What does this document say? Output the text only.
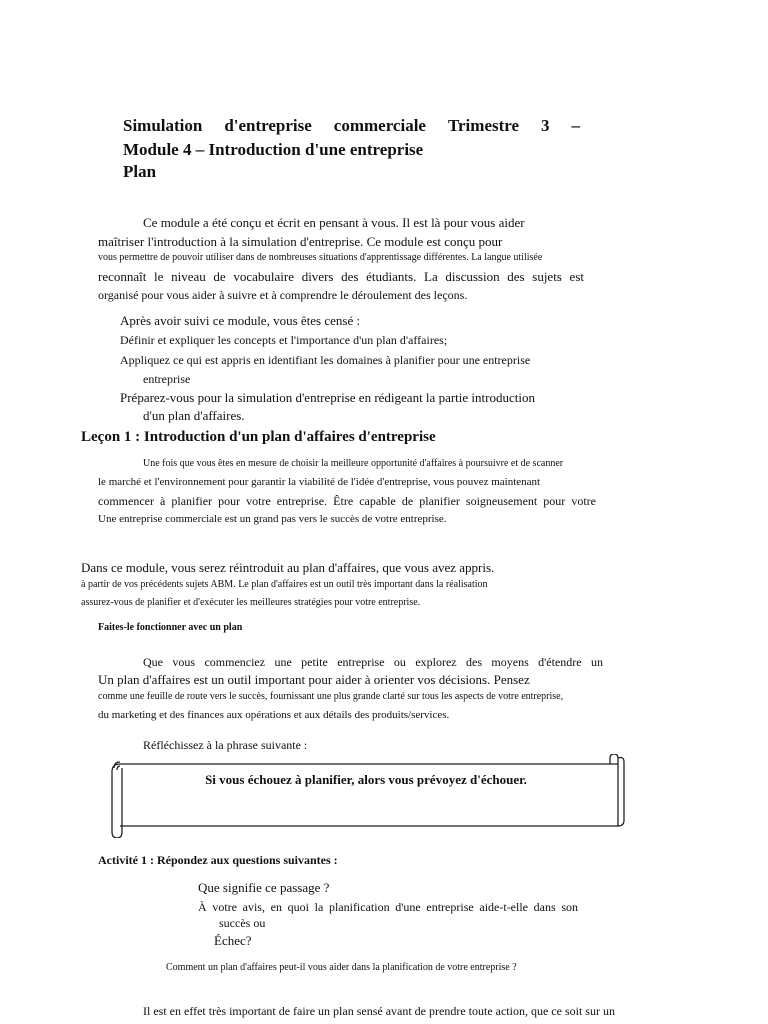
Simulation d'entreprise commerciale Trimestre 3 –
Module 4 – Introduction d'une entreprise
Plan
Ce module a été conçu et écrit en pensant à vous. Il est là pour vous aider
maîtriser l'introduction à la simulation d'entreprise. Ce module est conçu pour
vous permettre de pouvoir utiliser dans de nombreuses situations d'apprentissage différentes. La langue utilisée
reconnaît le niveau de vocabulaire divers des étudiants. La discussion des sujets est
organisé pour vous aider à suivre et à comprendre le déroulement des leçons.
Après avoir suivi ce module, vous êtes censé :
Définir et expliquer les concepts et l'importance d'un plan d'affaires;
Appliquez ce qui est appris en identifiant les domaines à planifier pour une entreprise
entreprise
Préparez-vous pour la simulation d'entreprise en rédigeant la partie introduction
d'un plan d'affaires.
Leçon 1 : Introduction d'un plan d'affaires d'entreprise
Une fois que vous êtes en mesure de choisir la meilleure opportunité d'affaires à poursuivre et de scanner
le marché et l'environnement pour garantir la viabilité de l'idée d'entreprise, vous pouvez maintenant
commencer à planifier pour votre entreprise. Être capable de planifier soigneusement pour votre
Une entreprise commerciale est un grand pas vers le succès de votre entreprise.
Dans ce module, vous serez réintroduit au plan d'affaires, que vous avez appris.
à partir de vos précédents sujets ABM. Le plan d'affaires est un outil très important dans la réalisation
assurez-vous de planifier et d'exécuter les meilleures stratégies pour votre entreprise.
Faites-le fonctionner avec un plan
Que vous commenciez une petite entreprise ou explorez des moyens d'étendre un
Un plan d'affaires est un outil important pour aider à orienter vos décisions. Pensez
comme une feuille de route vers le succès, fournissant une plus grande clarté sur tous les aspects de votre entreprise,
du marketing et des finances aux opérations et aux détails des produits/services.
Réfléchissez à la phrase suivante :
Si vous échouez à planifier, alors vous prévoyez d'échouer.
Activité 1 : Répondez aux questions suivantes :
Que signifie ce passage ?
À votre avis, en quoi la planification d'une entreprise aide-t-elle dans son
succès ou
Échec?
Comment un plan d'affaires peut-il vous aider dans la planification de votre entreprise ?
Il est en effet très important de faire un plan sensé avant de prendre toute action, que ce soit sur un
